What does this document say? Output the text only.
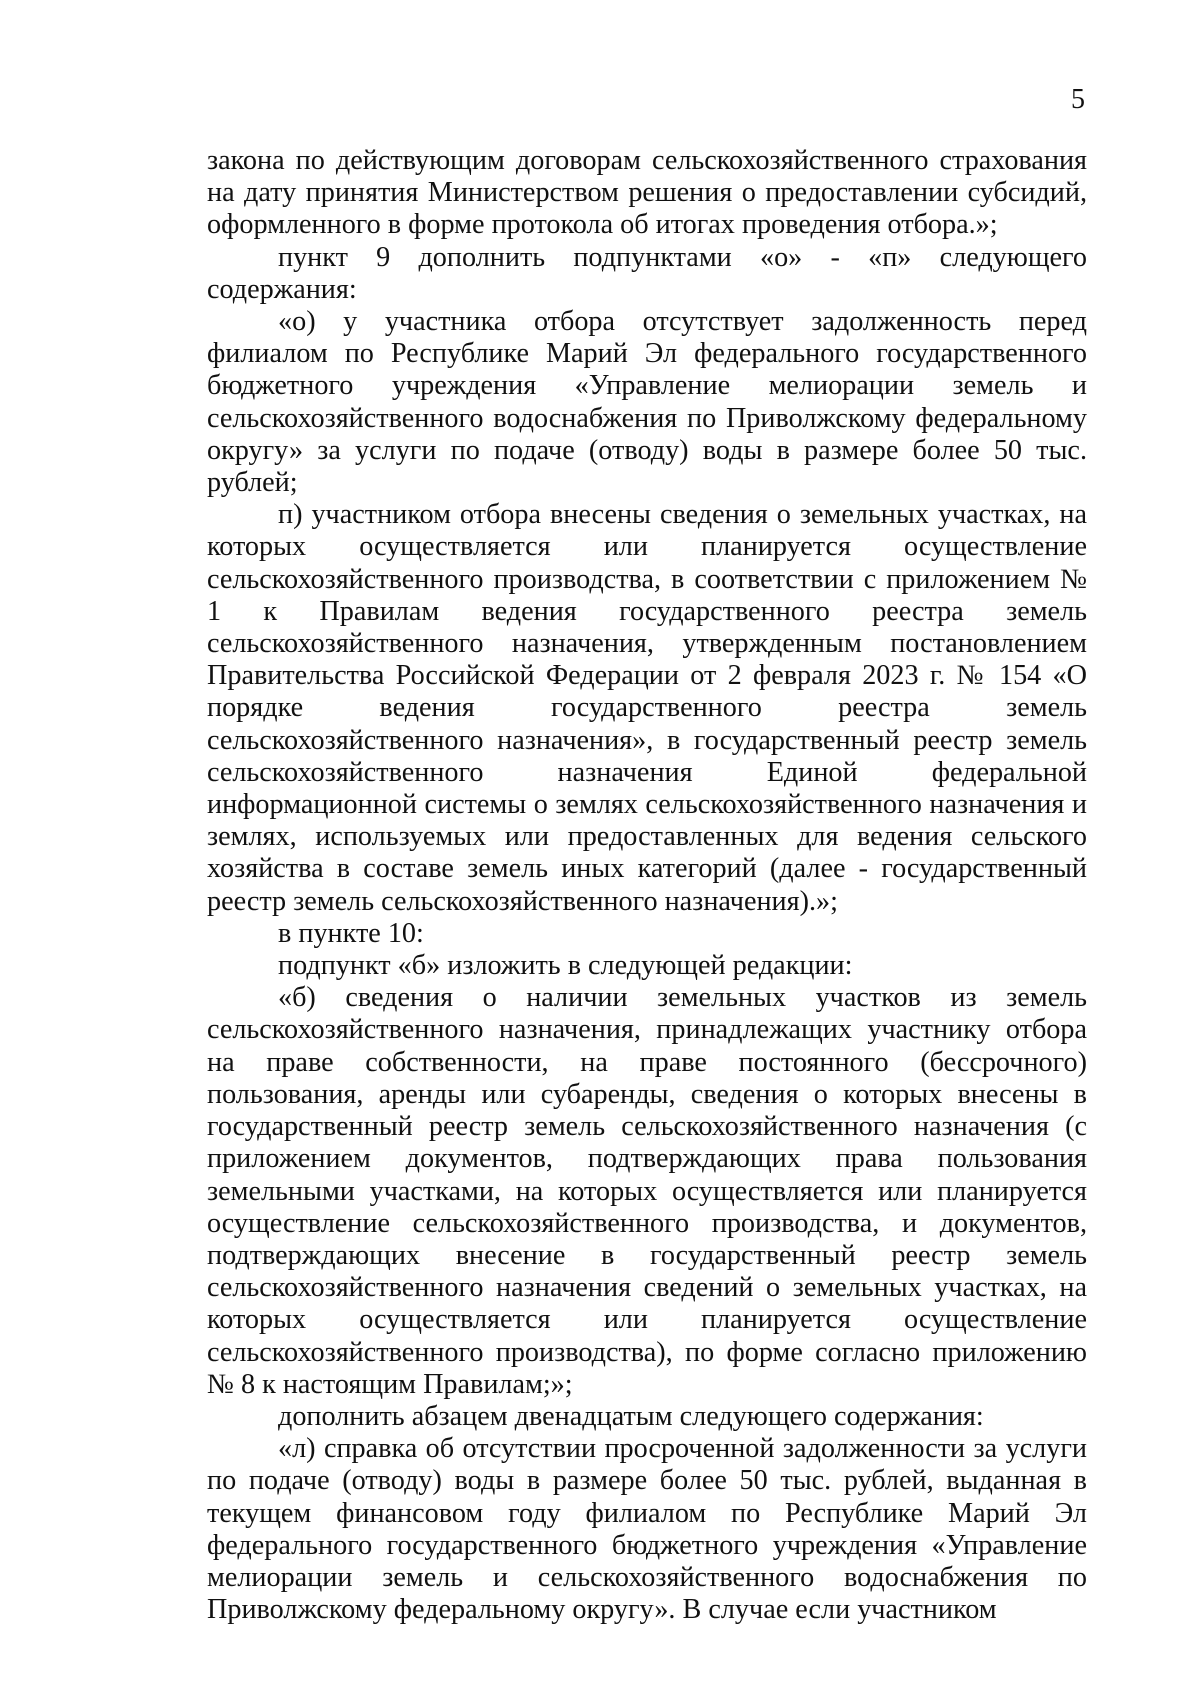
5

закона по действующим договорам сельскохозяйственного страхования на дату принятия Министерством решения о предоставлении субсидий, оформленного в форме протокола об итогах проведения отбора.»;

пункт 9 дополнить подпунктами «о» - «п» следующего содержания:

«о) у участника отбора отсутствует задолженность перед филиалом по Республике Марий Эл федерального государственного бюджетного учреждения «Управление мелиорации земель и сельскохозяйственного водоснабжения по Приволжскому федеральному округу» за услуги по подаче (отводу) воды в размере более 50 тыс. рублей;

п) участником отбора внесены сведения о земельных участках, на которых осуществляется или планируется осуществление сельскохозяйственного производства, в соответствии с приложением № 1 к Правилам ведения государственного реестра земель сельскохозяйственного назначения, утвержденным постановлением Правительства Российской Федерации от 2 февраля 2023 г. № 154 «О порядке ведения государственного реестра земель сельскохозяйственного назначения», в государственный реестр земель сельскохозяйственного назначения Единой федеральной информационной системы о землях сельскохозяйственного назначения и землях, используемых или предоставленных для ведения сельского хозяйства в составе земель иных категорий (далее - государственный реестр земель сельскохозяйственного назначения).»;

в пункте 10:

подпункт «б» изложить в следующей редакции:

«б) сведения о наличии земельных участков из земель сельскохозяйственного назначения, принадлежащих участнику отбора на праве собственности, на праве постоянного (бессрочного) пользования, аренды или субаренды, сведения о которых внесены в государственный реестр земель сельскохозяйственного назначения (с приложением документов, подтверждающих права пользования земельными участками, на которых осуществляется или планируется осуществление сельскохозяйственного производства, и документов, подтверждающих внесение в государственный реестр земель сельскохозяйственного назначения сведений о земельных участках, на которых осуществляется или планируется осуществление сельскохозяйственного производства), по форме согласно приложению № 8 к настоящим Правилам;»;

дополнить абзацем двенадцатым следующего содержания:

«л) справка об отсутствии просроченной задолженности за услуги по подаче (отводу) воды в размере более 50 тыс. рублей, выданная в текущем финансовом году филиалом по Республике Марий Эл федерального государственного бюджетного учреждения «Управление мелиорации земель и сельскохозяйственного водоснабжения по Приволжскому федеральному округу». В случае если участником
